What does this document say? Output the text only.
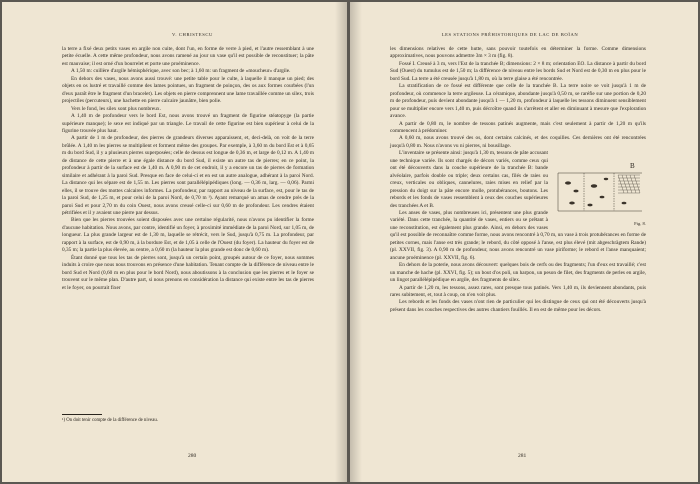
V. CHRISTESCU

la terre a fixé deux petits vases en argile non cuite, dont l'un, en forme de verre à pied, et l'autre ressemblant à une petite écuelle. A cette même profondeur, nous avons ramené au jour un vase qu'il est possible de reconstituer; la pâte est mauvaise; il est orné d'un bourrelet et porte une proéminence.

A 1,50 m: cuillère d'argile hémisphérique, avec son bec; à 1,60 m: un fragment de «moucheur» d'argile.

En dehors des vases, nous avons aussi trouvé: une petite table pour le culte, à laquelle il manque un pied; des objets en os lustré et travaillé comme des lames pointues, un fragment de poinçon, des os aux formes courbées (l'un d'eux paraît être le fragment d'un bracelet). Les objets en pierre comprennent une lame travaillée comme un silex, trois projectiles (percuteurs), une hachette en pierre calcaire jaunâtre, bien polie.

Vers le fond, les silex sont plus nombreux.

A 1,40 m de profondeur vers le bord Est, nous avons trouvé un fragment de figurine stéatopyge (la partie supérieure manque); le sexe est indiqué par un triangle. Le travail de cette figurine est bien supérieur à celui de la figurine trouvée plus haut.

A partir de 1 m de profondeur, des pierres de grandeurs diverses apparaissent, et, deci-delà, on voit de la terre brûlée. A 1,40 m les pierres se multiplient et forment même des groupes. Par exemple, à 3,60 m du bord Est et à 0,65 m du bord Sud, il y a plusieurs pierres superposées; celle de dessus est longue de 0,36 m, et large de 0,12 m. A 1,40 m de distance de cette pierre et à une égale distance du bord Sud, il existe un autre tas de pierres; en ce point, la profondeur à partir de la surface est de 1,40 m. A 0,90 m de cet endroit, il y a encore un tas de pierres de formation similaire et adhérant à la paroi Sud. Presque en face de celui-ci et en est un autre analogue, adhérant à la paroi Nord. La distance qui les sépare est de 1,55 m. Les pierres sont parallélépipédiques (long. — 0,36 m, larg. — 0,06). Parmi elles, il se trouve des mottes calcaires informes. La profondeur, par rapport au niveau de la surface, est, pour le tas de la paroi Sud, de 1,25 m, et pour celui de la paroi Nord, de 0,70 m ¹). Ayant remarqué un amas de cendre près de la paroi Sud et pour 2,70 m du coin Ouest, nous avons creusé celle-ci sur 0,60 m de profondeur. Les cendres étaient pétrifiées et il y avaient une pierre par dessus.

Bien que les pierres trouvées soient disposées avec une certaine régularité, nous n'avons pu identifier la forme d'aucune habitation. Nous avons, par contre, identifié un foyer, à proximité immédiate de la paroi Nord, sur 1,05 m, de longueur. La plus grande largeur est de 1,30 m, laquelle se rétrécit, vers le Sud, jusqu'à 0,75 m. La profondeur, par rapport à la surface, est de 0,90 m, à la bordure Est, et de 1,05 à celle de l'Ouest (du foyer). La hauteur du foyer est de 0,35 m; la partie la plus élevée, au centre, a 0,60 m (la hauteur la plus grande est donc de 0,60 m).

Étant donné que tous les tas de pierres sont, jusqu'à un certain point, groupés autour de ce foyer, nous sommes induits à croire que nous nous trouvons en présence d'une habitation. Tenant compte de la différence de niveau entre le bord Sud et Nord (0,60 m en plus pour le bord Nord), nous aboutissons à la conclusion que les pierres et le foyer se trouvent sur le même plan. D'autre part, si nous prenons en considération la distance qui existe entre les tas de pierres et le foyer, on pourrait fixer

¹) On doit tenir compte de la différence de niveau.
280
LES STATIONS PRÉHISTORIQUES DE LAC DE BOÏAN

les dimensions relatives de cette hutte, sans pouvoir toutefois en déterminer la forme. Comme dimensions approximatives, nous pouvons admettre 3m × 3 m (fig. 8).

Fossé I. Creusé à 3 m, vers l'Est de la tranchée B; dimensions: 2 × 8 m; orientation EO. La distance à partir du bord Sud (Ouest) du tumulus est de 1,50 m; la différence de niveau entre les bords Sud et Nord est de 0,30 m en plus pour le bord Sud. La terre a été creusée jusqu'à 1,80 m, où la terre glaise a été rencontrée.

La stratification de ce fossé est différente que celle de la tranchée B. La terre noire se voit jusqu'à 1 m de profondeur, où commence la terre argileuse. La céramique, abondante jusqu'à 0,50 m, se raréfie sur une portion de 0,20 m de profondeur, puis devient abondante jusqu'à 1 — 1,20 m, profondeur à laquelle les tessons diminuent sensiblement pour se multiplier encore vers 1,40 m, puis décroître quand ils s'arrêtent et aller en diminuant à mesure que l'exploration avance.

A partir de 0,80 m, le nombre de tessons patinés augmente, mais c'est seulement à partir de 1,20 m qu'ils commencent à prédominer.

A 0,60 m, nous avons trouvé des os, dont certains calcinés, et des coquilles. Ces dernières ont été rencontrées jusqu'à 0,80 m. Nous n'avons vu ni pierres, ni bousillage.

B
Fig. 8.

L'inventaire se présente ainsi: jusqu'à 1,30 m, tessons de pâte accusant une technique variée. Ils sont chargés de décors variés, comme ceux qui ont été découverts dans la couche supérieure de la tranchée B: bande alvéolaire, parfois double ou triple; deux certains cas, filés de raies ou creux, verticales ou obliques, cannelures, raies mises en relief par la pression du doigt sur la pâte encore molle, protubérances, boutons. Les rebords et les fonds de vases ressemblent à ceux des couches supérieures des tranchées A et B.

Les anses de vases, plus nombreuses ici, présentent une plus grande variété. Dans cette tranchée, la quantité de vases, entiers ou se prêtant à une reconstitution, est également plus grande. Ainsi, en dehors des vases qu'il est possible de reconnaître comme forme, nous avons rencontré à 0,70 m, un vase à trois protubérances en forme de petites cornes, mais l'anse est très grande; le rebord, du côté opposé à l'anse, est plus élevé (mit abgeschrägtem Rande) (pl. XXVII, fig. 3). A 0,90 m de profondeur, nous avons rencontré un vase piriforme; le rebord et l'anse manquaient; ancune proéminence (pl. XXVII, fig. 6).

En dehors de la poterie, nous avons découvert: quelques bois de cerfs ou des fragments; l'un d'eux est travaillé; c'est un manche de hache (pl. XXVI, fig. 5); un bout d'os poli, un harpon, un peson de filet, des fragments de perles en argile, un lingot parallélépipédique en argile, des fragments de silex.

A partir de 1,20 m, les tessons, assez rares, sont presque tous patinés. Vers 1,40 m, ils deviennent abondants, puis rares subitement, et, tout à coup, on n'en voit plus.

Les rebords et les fonds des vases n'ont rien de particulier qui les distingue de ceux qui ont été découverts jusqu'à présent dans les couches respectives des autres chantiers fouillés. Il en est de même pour les décors.

281
